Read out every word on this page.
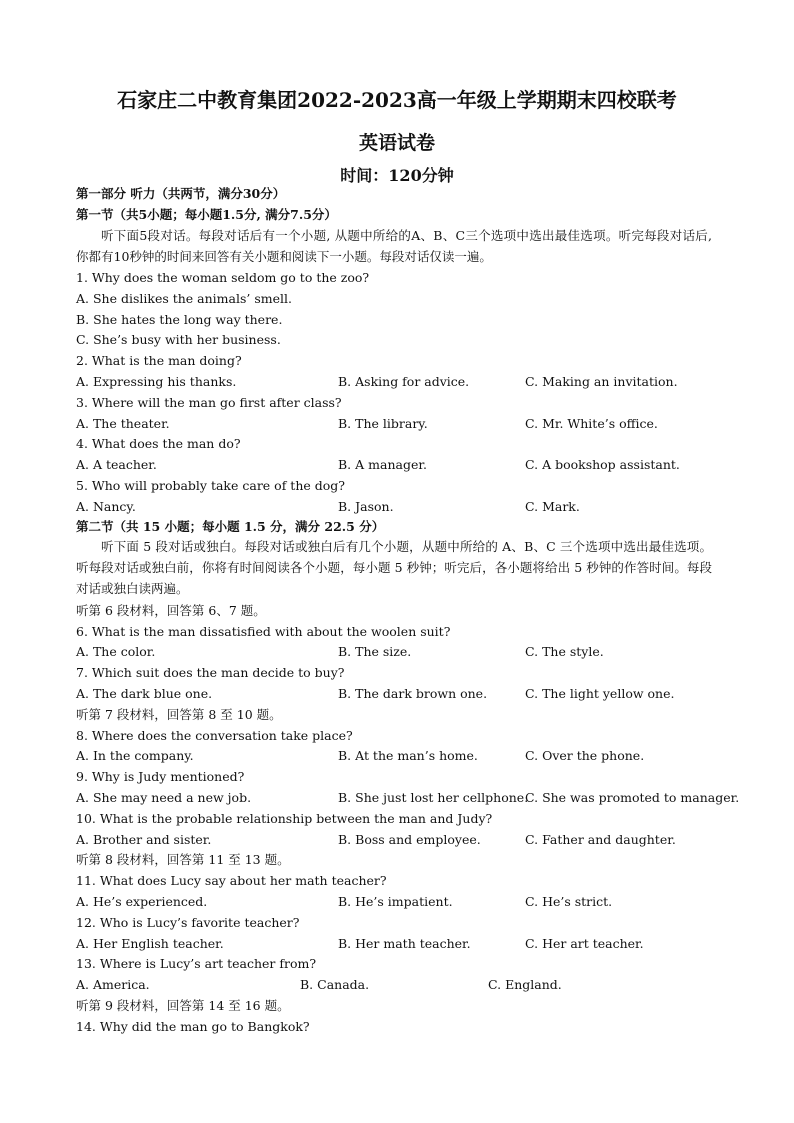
石家庄二中教育集团2022-2023高一年级上学期期末四校联考
英语试卷
时间：120分钟
第一部分 听力（共两节，满分30分）
第一节（共5小题；每小题1.5分, 满分7.5分）
听下面5段对话。每段对话后有一个小题, 从题中所给的A、B、C三个选项中选出最佳选项。听完每段对话后, 你都有10秒钟的时间来回答有关小题和阅读下一小题。每段对话仅读一遍。
1. Why does the woman seldom go to the zoo?
A. She dislikes the animals’ smell.
B. She hates the long way there.
C. She’s busy with her business.
2. What is the man doing?
A. Expressing his thanks.	B. Asking for advice.	C. Making an invitation.
3. Where will the man go first after class?
A. The theater.	B. The library.	C. Mr. White’s office.
4. What does the man do?
A. A teacher.	B. A manager.	C. A bookshop assistant.
5. Who will probably take care of the dog?
A. Nancy.	B. Jason.	C. Mark.
第二节（共 15 小题；每小题 1.5 分，满分 22.5 分）
听下面 5 段对话或独白。每段对话或独白后有几个小题，从题中所给的 A、B、C 三个选项中选出最佳选项。听每段对话或独白前，你将有时间阅读各个小题，每小题 5 秒钟；听完后，各小题将给出 5 秒钟的作答时间。每段对话或独白读两遍。
听第 6 段材料，回答第 6、7 题。
6. What is the man dissatisfied with about the woolen suit?
A. The color.	B. The size.	C. The style.
7. Which suit does the man decide to buy?
A. The dark blue one.	B. The dark brown one.	C. The light yellow one.
听第 7 段材料，回答第 8 至 10 题。
8. Where does the conversation take place?
A. In the company.	B. At the man’s home.	C. Over the phone.
9. Why is Judy mentioned?
A. She may need a new job.	B. She just lost her cellphone.
C. She was promoted to manager.
10. What is the probable relationship between the man and Judy?
A. Brother and sister.	B. Boss and employee.	C. Father and daughter.
听第 8 段材料，回答第 11 至 13 题。
11. What does Lucy say about her math teacher?
A. He’s experienced.	B. He’s impatient.	C. He’s strict.
12. Who is Lucy’s favorite teacher?
A. Her English teacher.	B. Her math teacher.	C. Her art teacher.
13. Where is Lucy’s art teacher from?
A. America.	B. Canada.	C. England.
听第 9 段材料，回答第 14 至 16 题。
14. Why did the man go to Bangkok?
